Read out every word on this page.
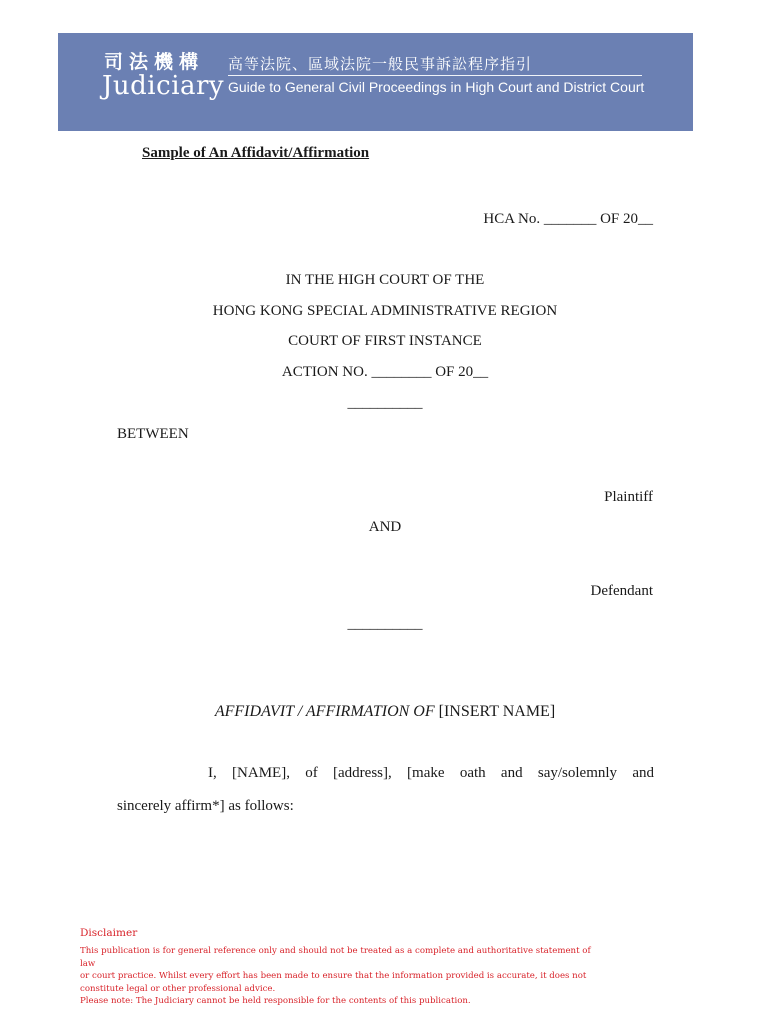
司法機構
Judiciary
高等法院、區域法院一般民事訴訟程序指引
Guide to General Civil Proceedings in High Court and District Court
Sample of An Affidavit/Affirmation
HCA No. _______ OF 20__
IN THE HIGH COURT OF THE
HONG KONG SPECIAL ADMINISTRATIVE REGION
COURT OF FIRST INSTANCE
ACTION NO. ________ OF 20__
__________
BETWEEN
Plaintiff
AND
Defendant
__________
AFFIDAVIT / AFFIRMATION OF [INSERT NAME]
I, [NAME], of [address], [make oath and say/solemnly and
sincerely affirm*] as follows:
Disclaimer
This publication is for general reference only and should not be treated as a complete and authoritative statement of law
or court practice. Whilst every effort has been made to ensure that the information provided is accurate, it does not
constitute legal or other professional advice.
Please note: The Judiciary cannot be held responsible for the contents of this publication.
